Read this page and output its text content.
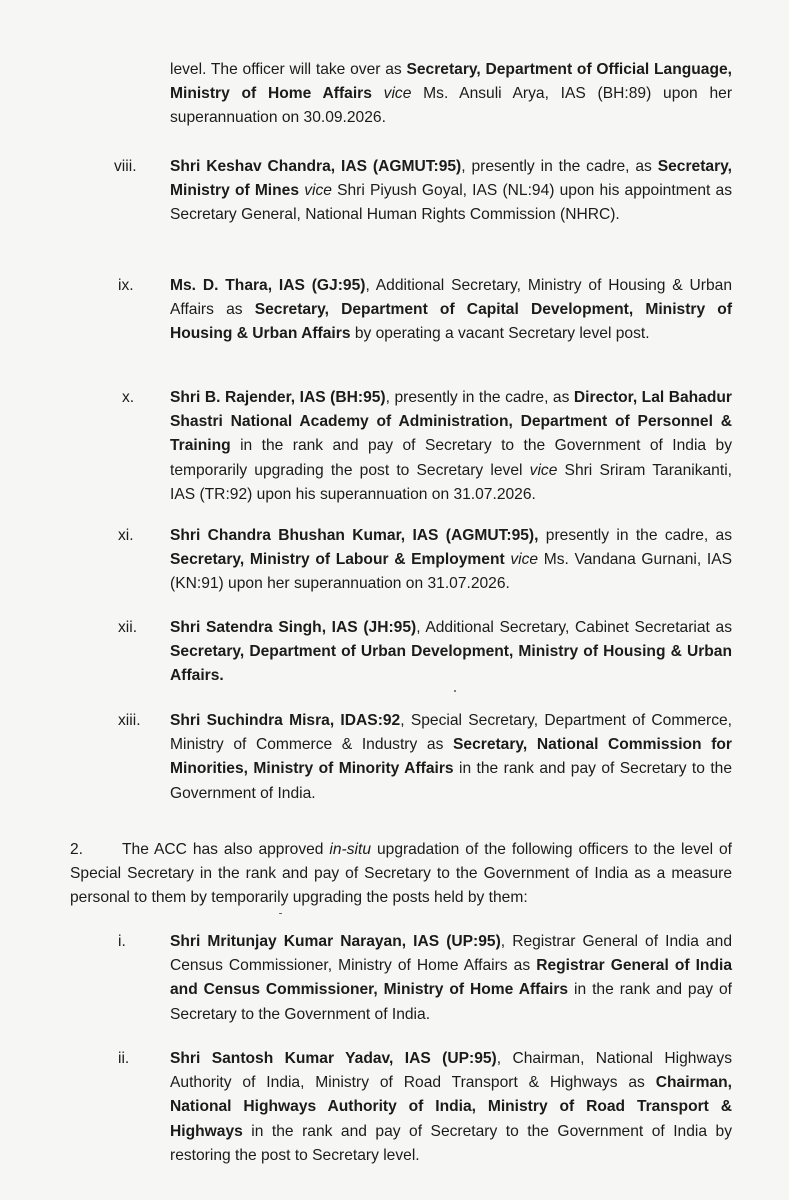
level. The officer will take over as Secretary, Department of Official Language, Ministry of Home Affairs vice Ms. Ansuli Arya, IAS (BH:89) upon her superannuation on 30.09.2026.

viii. Shri Keshav Chandra, IAS (AGMUT:95), presently in the cadre, as Secretary, Ministry of Mines vice Shri Piyush Goyal, IAS (NL:94) upon his appointment as Secretary General, National Human Rights Commission (NHRC).

ix. Ms. D. Thara, IAS (GJ:95), Additional Secretary, Ministry of Housing & Urban Affairs as Secretary, Department of Capital Development, Ministry of Housing & Urban Affairs by operating a vacant Secretary level post.

x. Shri B. Rajender, IAS (BH:95), presently in the cadre, as Director, Lal Bahadur Shastri National Academy of Administration, Department of Personnel & Training in the rank and pay of Secretary to the Government of India by temporarily upgrading the post to Secretary level vice Shri Sriram Taranikanti, IAS (TR:92) upon his superannuation on 31.07.2026.

xi. Shri Chandra Bhushan Kumar, IAS (AGMUT:95), presently in the cadre, as Secretary, Ministry of Labour & Employment vice Ms. Vandana Gurnani, IAS (KN:91) upon her superannuation on 31.07.2026.

xii. Shri Satendra Singh, IAS (JH:95), Additional Secretary, Cabinet Secretariat as Secretary, Department of Urban Development, Ministry of Housing & Urban Affairs.

xiii. Shri Suchindra Misra, IDAS:92, Special Secretary, Department of Commerce, Ministry of Commerce & Industry as Secretary, National Commission for Minorities, Ministry of Minority Affairs in the rank and pay of Secretary to the Government of India.

2. The ACC has also approved in-situ upgradation of the following officers to the level of Special Secretary in the rank and pay of Secretary to the Government of India as a measure personal to them by temporarily upgrading the posts held by them:

i.	Shri Mritunjay Kumar Narayan, IAS (UP:95), Registrar General of India and Census Commissioner, Ministry of Home Affairs as Registrar General of India and Census Commissioner, Ministry of Home Affairs in the rank and pay of Secretary to the Government of India.

ii.	Shri Santosh Kumar Yadav, IAS (UP:95), Chairman, National Highways Authority of India, Ministry of Road Transport & Highways as Chairman, National Highways Authority of India, Ministry of Road Transport & Highways in the rank and pay of Secretary to the Government of India by restoring the post to Secretary level.
